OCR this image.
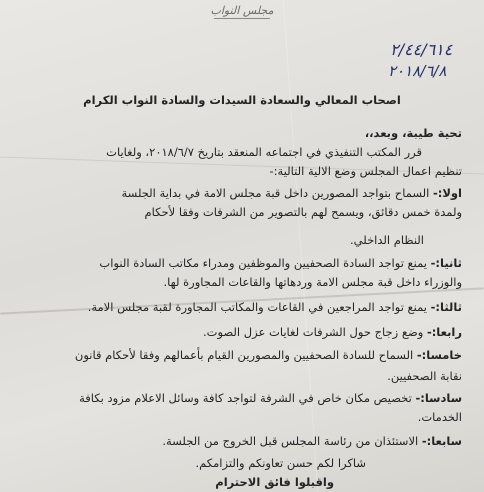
مجلس النواب
٢/٤٤/٦١٤
٢٠١٨/٦/٨
اصحاب المعالي والسعادة السيدات والسادة النواب الكرام
تحية طيبة، وبعد،،
قرر المكتب التنفيذي في اجتماعه المنعقد بتاريخ ٢٠١٨/٦/٧، ولغايات
تنظيم اعمال المجلس وضع الالية التالية:-
اولا:- السماح بتواجد المصورين داخل قبة مجلس الامة في بداية الجلسة
ولمدة خمس دقائق، ويسمح لهم بالتصوير من الشرفات وفقا لأحكام
النظام الداخلي.
ثانيا:- يمنع تواجد السادة الصحفيين والموظفين ومدراء مكاتب السادة النواب
والوزراء داخل قبة مجلس الامة وردهاتها والقاعات المجاورة لها.
ثالثا:- يمنع تواجد المراجعين في القاعات والمكاتب المجاورة لقبة مجلس الامة.
رابعا:- وضع زجاج حول الشرفات لغايات عزل الصوت.
خامسا:- السماح للسادة الصحفيين والمصورين القيام بأعمالهم وفقا لأحكام قانون
نقابة الصحفيين.
سادسا:- تخصيص مكان خاص في الشرفة لتواجد كافة وسائل الاعلام مزود بكافة
الخدمات.
سابعا:- الاستئذان من رئاسة المجلس قبل الخروج من الجلسة.
شاكرا لكم حسن تعاونكم والتزامكم.
واقبلوا فائق الاحترام
